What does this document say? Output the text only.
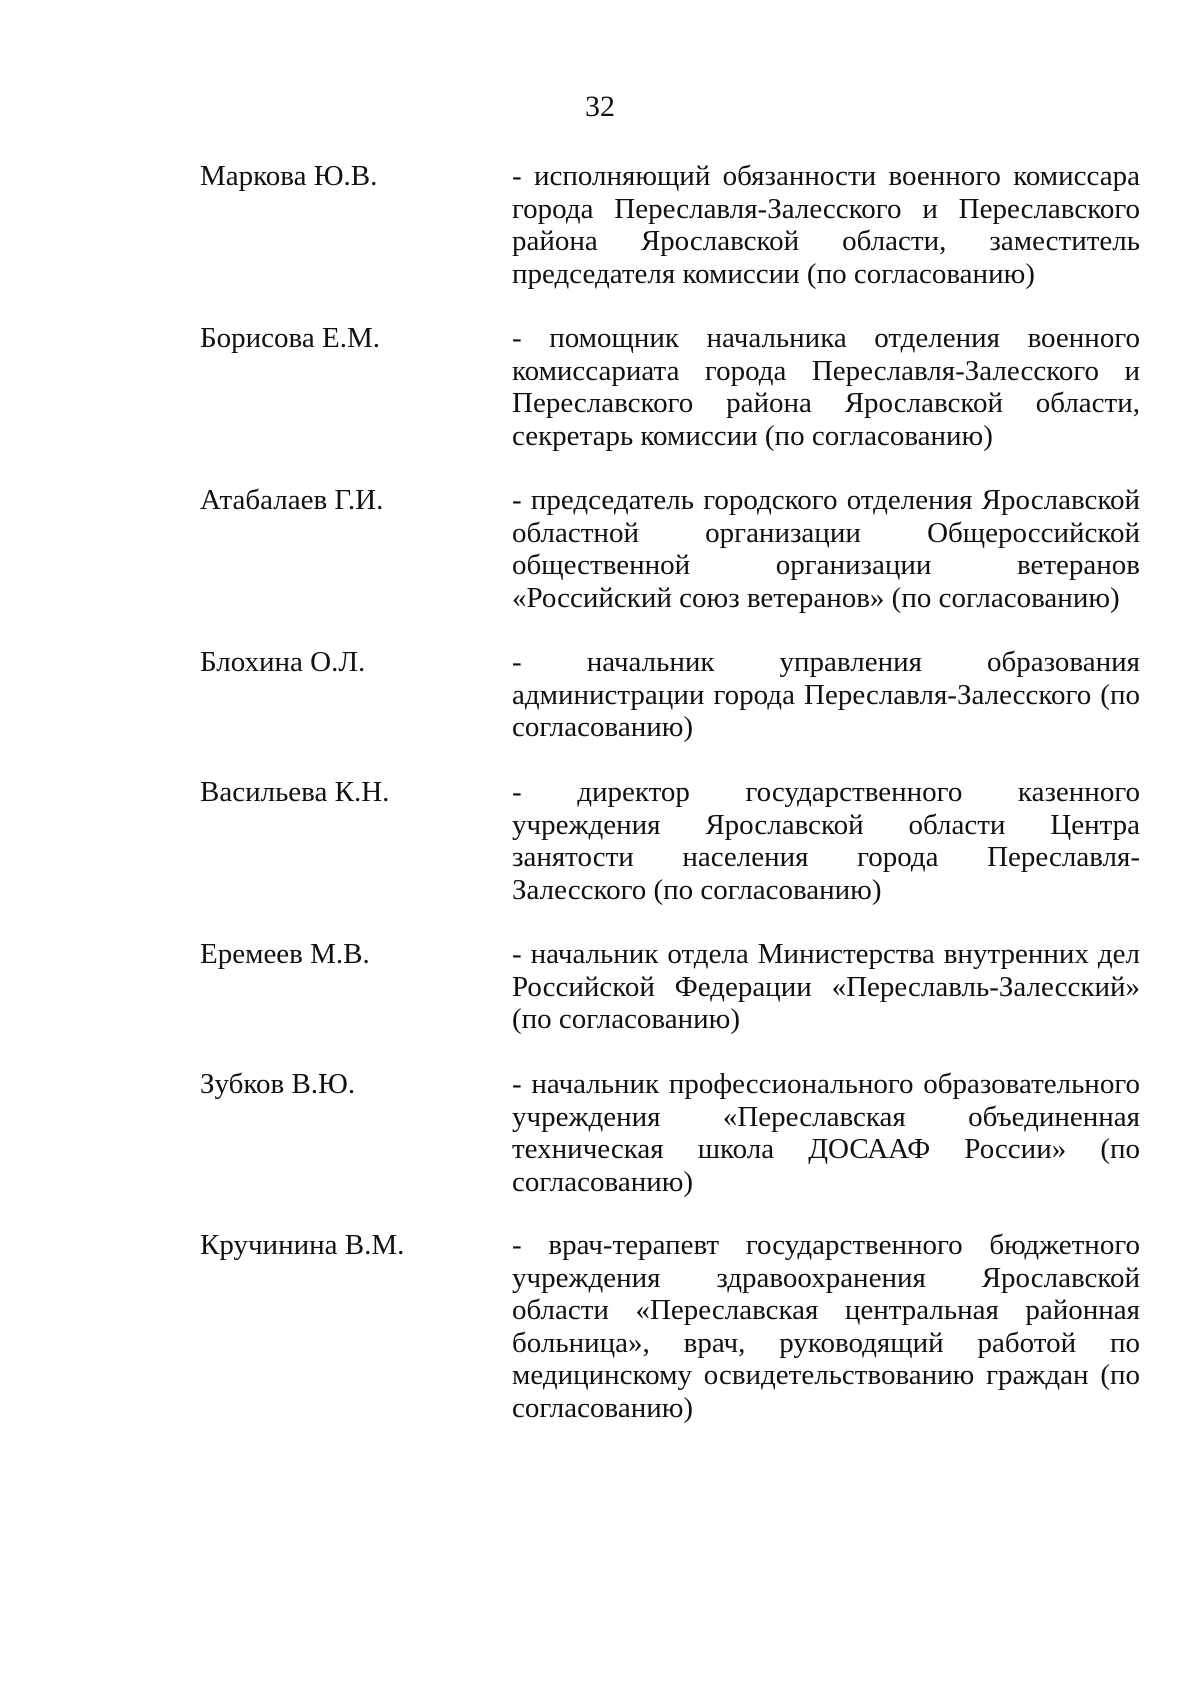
32
Маркова Ю.В.	- исполняющий обязанности военного комиссара города Переславля-Залесского и Переславского района Ярославской области, заместитель председателя комиссии (по согласованию)
Борисова Е.М.	- помощник начальника отделения военного комиссариата города Переславля-Залесского и Переславского района Ярославской области, секретарь комиссии (по согласованию)
Атабалаев Г.И.	- председатель городского отделения Ярославской областной организации Общероссийской общественной организации ветеранов «Российский союз ветеранов» (по согласованию)
Блохина О.Л.	- начальник управления образования администрации города Переславля-Залесского (по согласованию)
Васильева К.Н.	- директор государственного казенного учреждения Ярославской области Центра занятости населения города Переславля-Залесского (по согласованию)
Еремеев М.В.	- начальник отдела Министерства внутренних дел Российской Федерации «Переславль-Залесский» (по согласованию)
Зубков В.Ю.	- начальник профессионального образовательного учреждения «Переславская объединенная техническая школа ДОСААФ России» (по согласованию)
Кручинина В.М.	- врач-терапевт государственного бюджетного учреждения здравоохранения Ярославской области «Переславская центральная районная больница», врач, руководящий работой по медицинскому освидетельствованию граждан (по согласованию)
